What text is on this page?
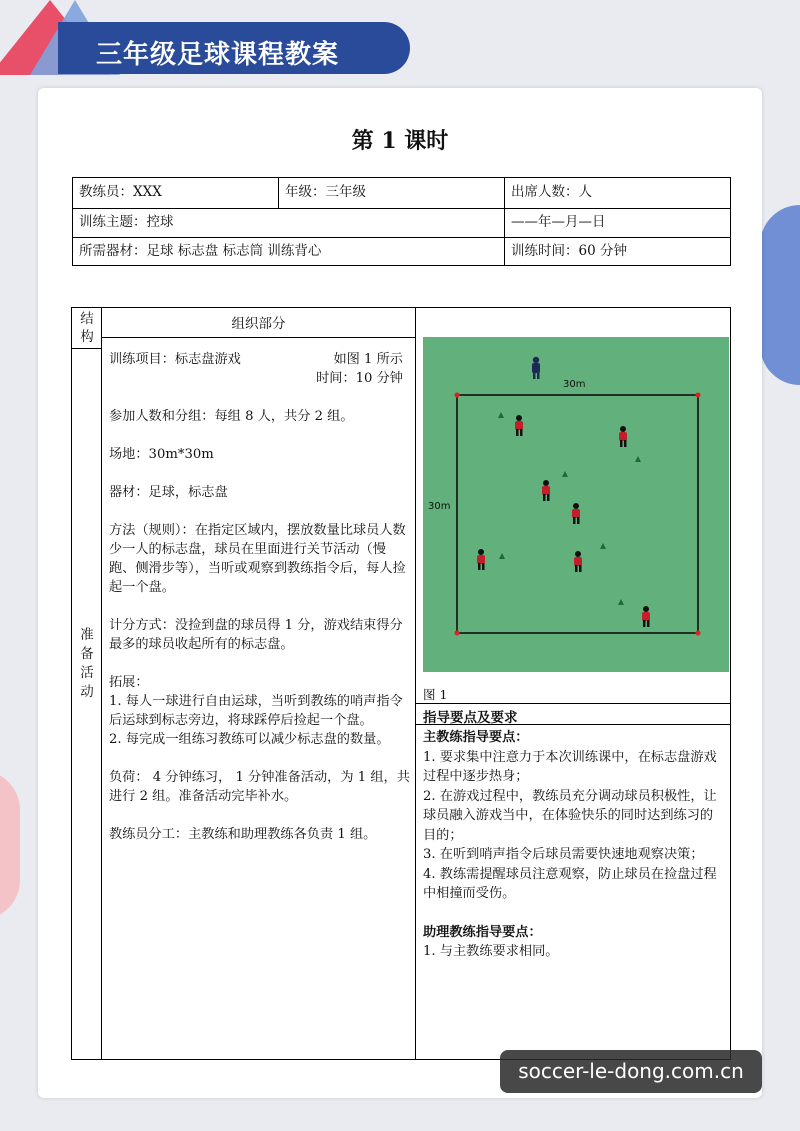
三年级足球课程教案
第 1 课时
教练员：XXX	年级：三年级	出席人数：人
训练主题：控球	——年—月—日
所需器材：足球 标志盘 标志筒 训练背心	训练时间：60 分钟
结构
组织部分
准备活动

训练项目：标志盘游戏	如图 1 所示

时间：10 分钟

参加人数和分组：每组 8 人，共分 2 组。

场地：30m*30m

器材：足球，标志盘

方法（规则）：在指定区域内，摆放数量比球员人数少一人的标志盘，球员在里面进行关节活动（慢跑、侧滑步等），当听或观察到教练指令后，每人捡起一个盘。

计分方式：没捡到盘的球员得 1 分，游戏结束得分最多的球员收起所有的标志盘。

拓展：

1. 每人一球进行自由运球，当听到教练的哨声指令后运球到标志旁边，将球踩停后捡起一个盘。

2. 每完成一组练习教练可以减少标志盘的数量。

负荷： 4 分钟练习， 1 分钟准备活动，为 1 组，共进行 2 组。准备活动完毕补水。

教练员分工：主教练和助理教练各负责 1 组。

30m
30m
图 1
指导要点及要求

主教练指导要点：

1. 要求集中注意力于本次训练课中，在标志盘游戏过程中逐步热身；

2. 在游戏过程中，教练员充分调动球员积极性，让球员融入游戏当中，在体验快乐的同时达到练习的目的；

3. 在听到哨声指令后球员需要快速地观察决策；

4. 教练需提醒球员注意观察，防止球员在捡盘过程中相撞而受伤。

助理教练指导要点：

1. 与主教练要求相同。

soccer-le-dong.com.cn
